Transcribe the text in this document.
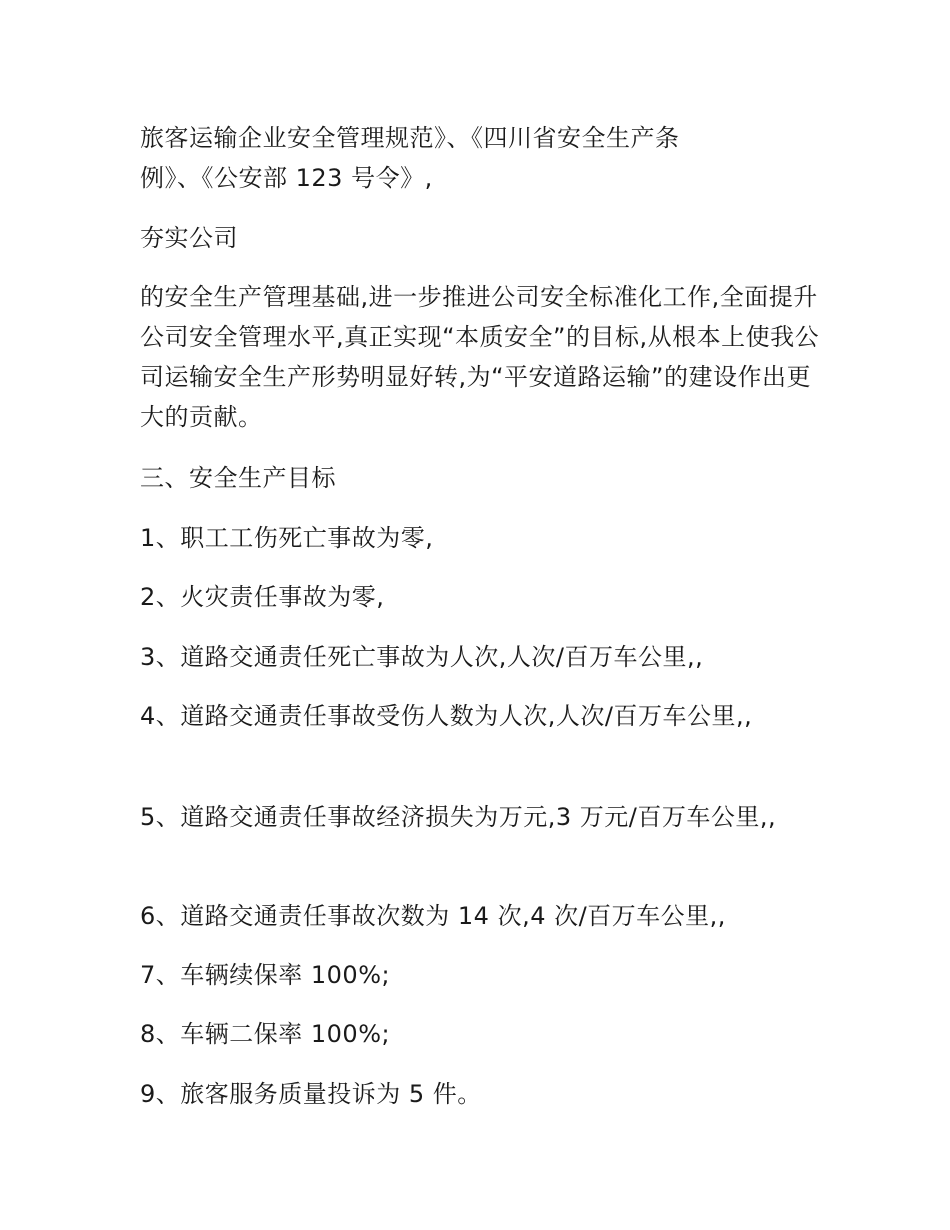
旅客运输企业安全管理规范》、《四川省安全生产条
例》、《公安部 123 号令》,

夯实公司

的安全生产管理基础,进一步推进公司安全标准化工作,全面提升公司安全管理水平,真正实现“本质安全”的目标,从根本上使我公司运输安全生产形势明显好转,为“平安道路运输”的建设作出更大的贡献。

三、安全生产目标

1、职工工伤死亡事故为零,

2、火灾责任事故为零,

3、道路交通责任死亡事故为人次,人次/百万车公里,,

4、道路交通责任事故受伤人数为人次,人次/百万车公里,,

5、道路交通责任事故经济损失为万元,3 万元/百万车公里,,

6、道路交通责任事故次数为 14 次,4 次/百万车公里,,

7、车辆续保率 100%;

8、车辆二保率 100%;

9、旅客服务质量投诉为 5 件。
